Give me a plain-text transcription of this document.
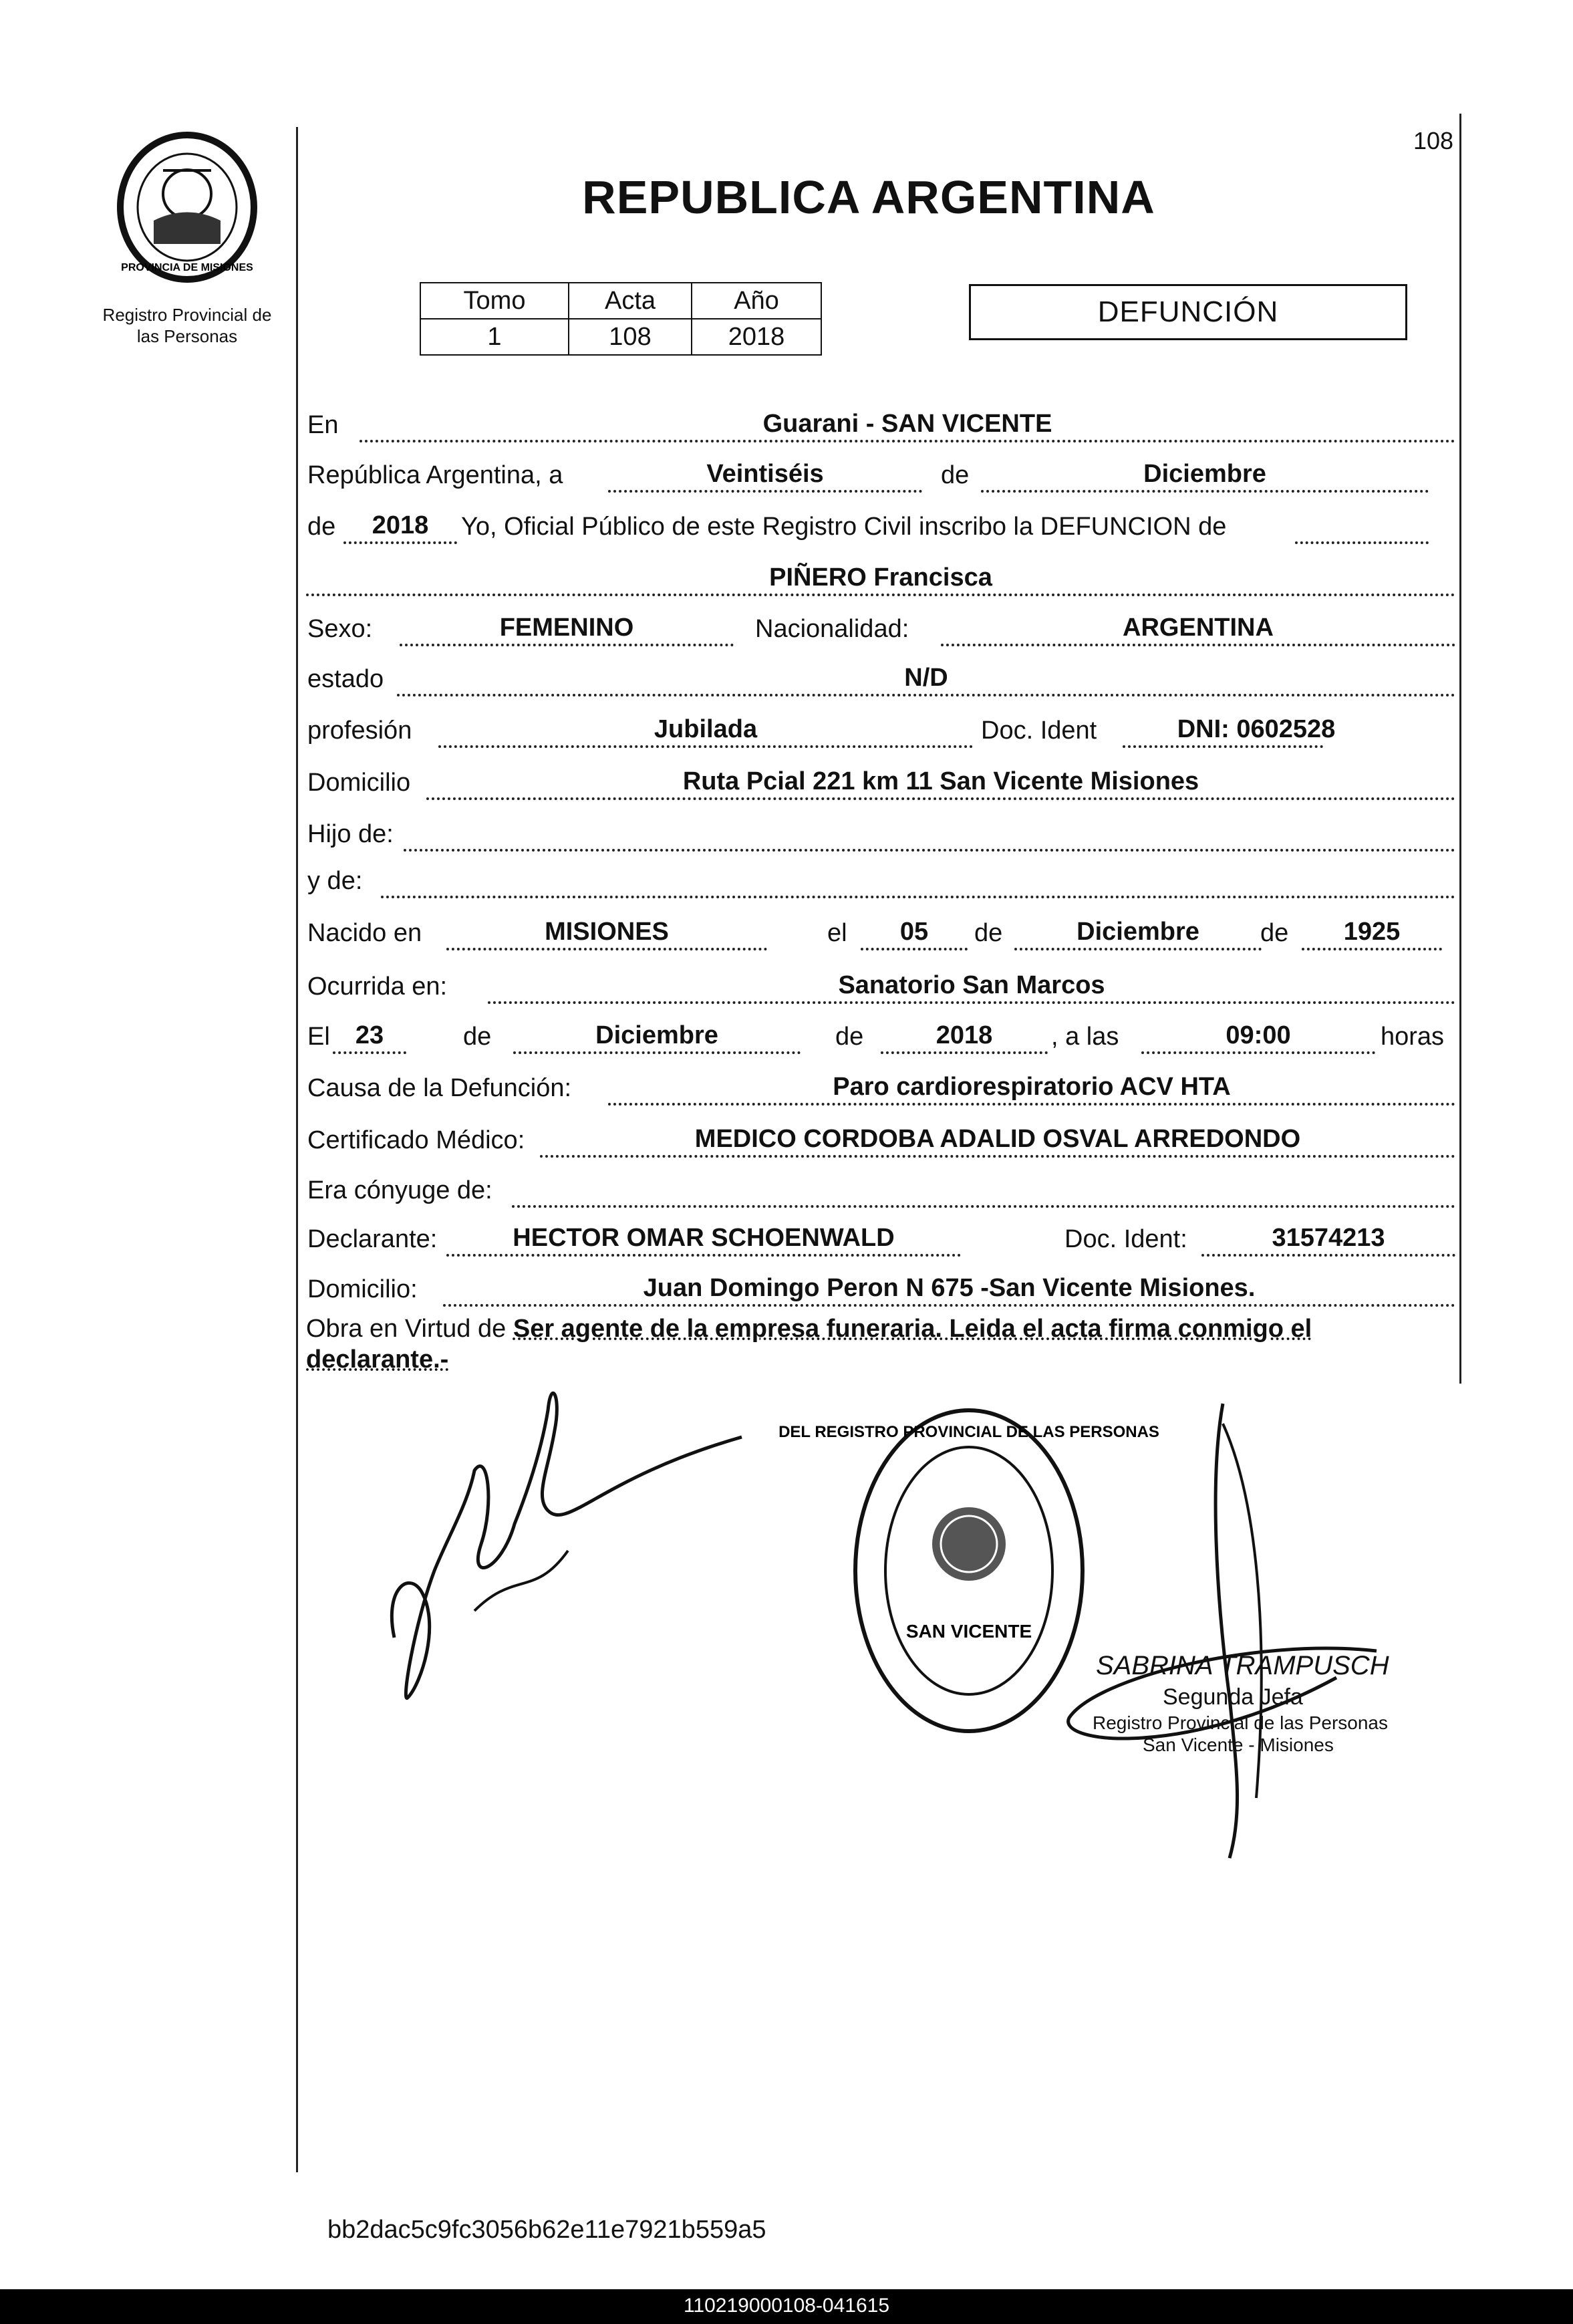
PROVINCIA DE MISIONES
Registro Provincial de
las Personas
108
REPUBLICA ARGENTINA
Tomo	Acta	Año
1	108	2018
DEFUNCIÓN
En	Guarani - SAN VICENTE
República Argentina, a	Veintiséis	de	Diciembre
de	2018	Yo, Oficial Público de este Registro Civil inscribo la DEFUNCION de
PIÑERO Francisca
Sexo:	FEMENINO	Nacionalidad:	ARGENTINA
estado	N/D
profesión	Jubilada	Doc. Ident	DNI: 0602528
Domicilio	Ruta Pcial 221 km 11 San Vicente Misiones
Hijo de:
y de:
Nacido en	MISIONES	el	05	de	Diciembre	de	1925
Ocurrida en:	Sanatorio San Marcos
El	23	de	Diciembre	de	2018	, a las	09:00	horas
Causa de la Defunción:	Paro cardiorespiratorio ACV HTA
Certificado Médico:	MEDICO CORDOBA ADALID OSVAL ARREDONDO
Era cónyuge de:
Declarante:	HECTOR OMAR SCHOENWALD	Doc. Ident:	31574213
Domicilio:	Juan Domingo Peron N 675 -San Vicente Misiones.
Obra en Virtud de Ser agente de la empresa funeraria. Leida el acta firma conmigo el declarante.-
DEL REGISTRO PROVINCIAL DE LAS PERSONAS
SAN VICENTE
SABRINA TRAMPUSCH
Segunda Jefa
Registro Provincial de las Personas
San Vicente - Misiones
bb2dac5c9fc3056b62e11e7921b559a5
110219000108-041615
